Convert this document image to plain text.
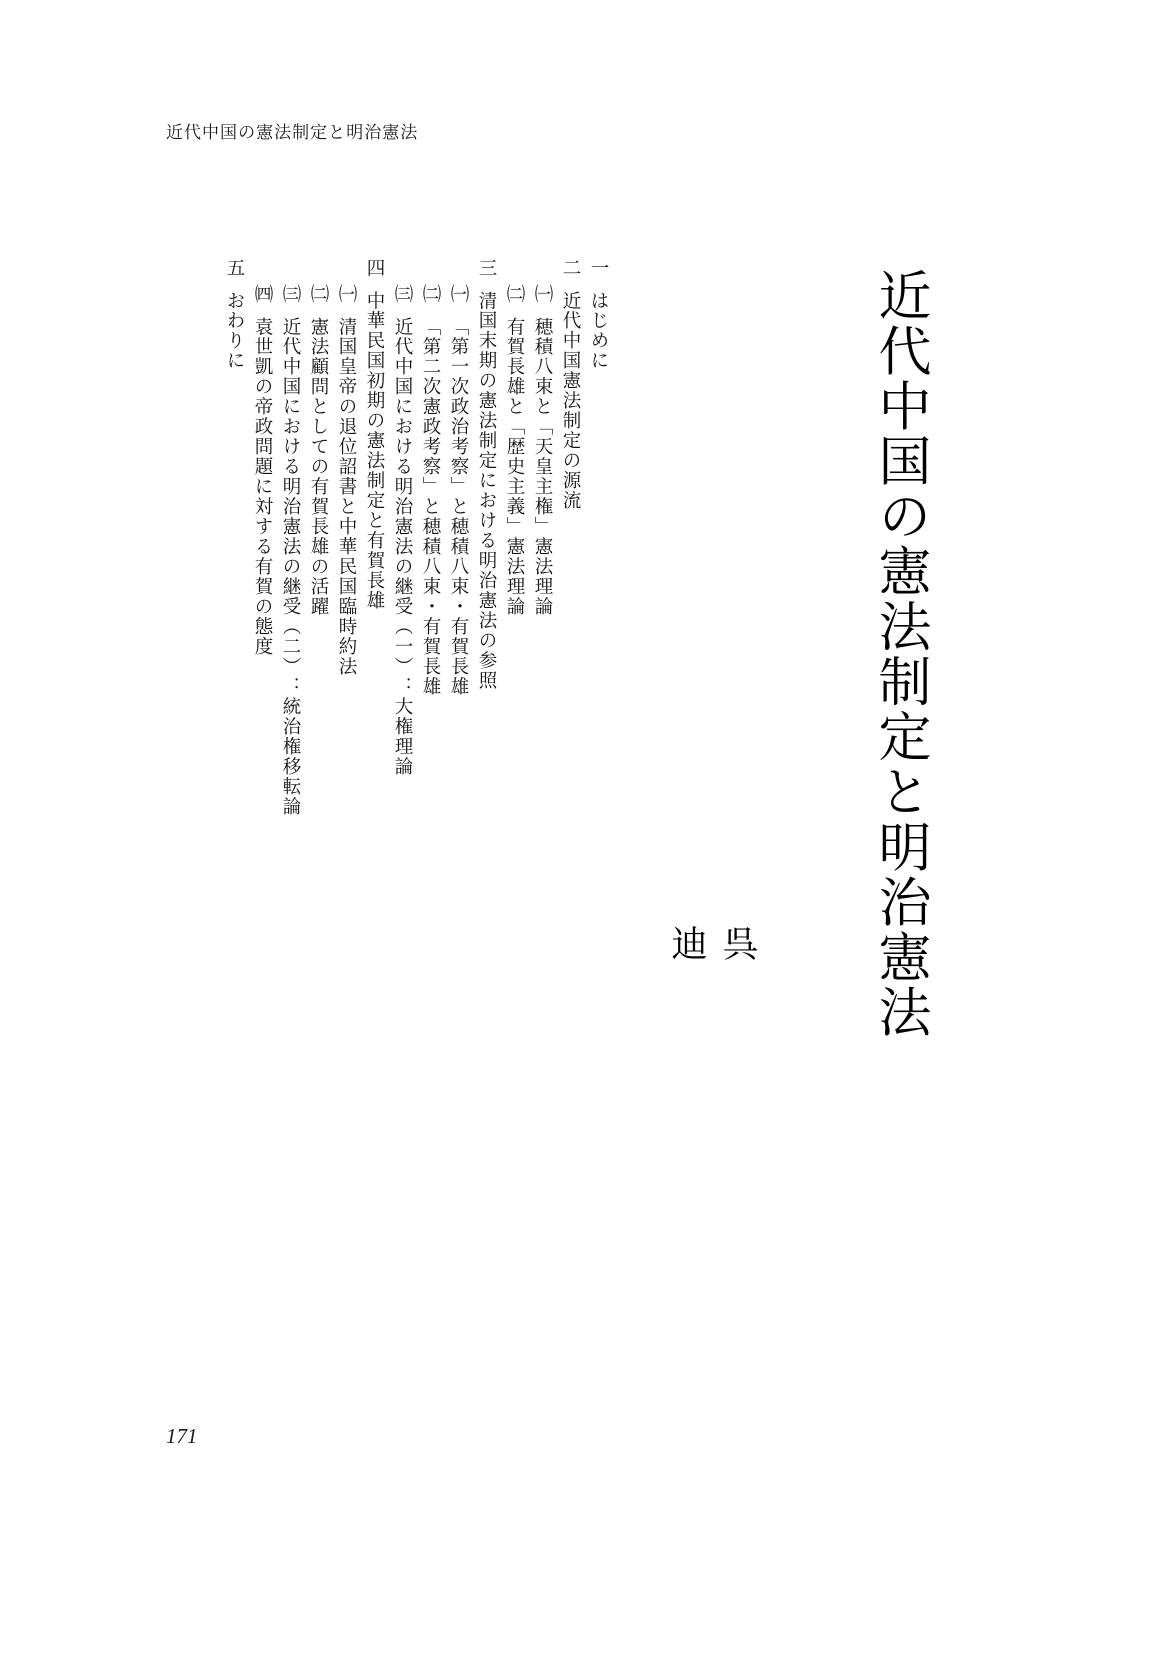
近代中国の憲法制定と明治憲法
近代中国の憲法制定と明治憲法
呉
迪
一はじめに
二近代中国憲法制定の源流
㈠穂積八束と「天皇主権」憲法理論
㈡有賀長雄と「歴史主義」憲法理論
三清国末期の憲法制定における明治憲法の参照
㈠「第一次政治考察」と穂積八束・有賀長雄
㈡「第二次憲政考察」と穂積八束・有賀長雄
㈢近代中国における明治憲法の継受（一）：大権理論
四中華民国初期の憲法制定と有賀長雄
㈠清国皇帝の退位詔書と中華民国臨時約法
㈡憲法顧問としての有賀長雄の活躍
㈢近代中国における明治憲法の継受（二）：統治権移転論
㈣袁世凱の帝政問題に対する有賀の態度
五おわりに
171
